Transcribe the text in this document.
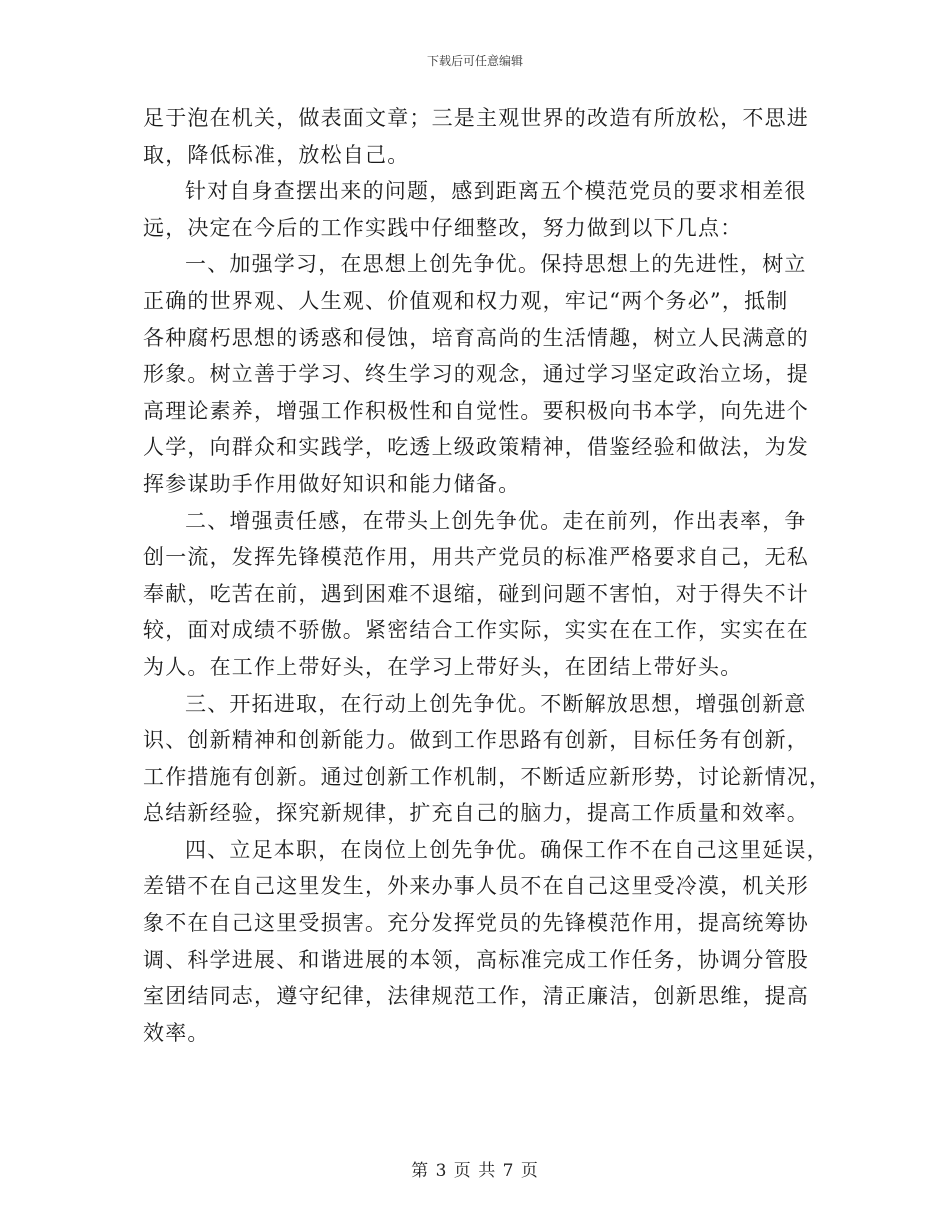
下载后可任意编辑
足于泡在机关，做表面文章；三是主观世界的改造有所放松，不思进
取，降低标准，放松自己。
针对自身查摆出来的问题，感到距离五个模范党员的要求相差很
远，决定在今后的工作实践中仔细整改，努力做到以下几点：
一、加强学习，在思想上创先争优。保持思想上的先进性，树立
正确的世界观、人生观、价值观和权力观，牢记“两个务必”，抵制
各种腐朽思想的诱惑和侵蚀，培育高尚的生活情趣，树立人民满意的
形象。树立善于学习、终生学习的观念，通过学习坚定政治立场，提
高理论素养，增强工作积极性和自觉性。要积极向书本学，向先进个
人学，向群众和实践学，吃透上级政策精神，借鉴经验和做法，为发
挥参谋助手作用做好知识和能力储备。
二、增强责任感，在带头上创先争优。走在前列，作出表率，争
创一流，发挥先锋模范作用，用共产党员的标准严格要求自己，无私
奉献，吃苦在前，遇到困难不退缩，碰到问题不害怕，对于得失不计
较，面对成绩不骄傲。紧密结合工作实际，实实在在工作，实实在在
为人。在工作上带好头，在学习上带好头，在团结上带好头。
三、开拓进取，在行动上创先争优。不断解放思想，增强创新意
识、创新精神和创新能力。做到工作思路有创新，目标任务有创新，
工作措施有创新。通过创新工作机制，不断适应新形势，讨论新情况，
总结新经验，探究新规律，扩充自己的脑力，提高工作质量和效率。
四、立足本职，在岗位上创先争优。确保工作不在自己这里延误，
差错不在自己这里发生，外来办事人员不在自己这里受冷漠，机关形
象不在自己这里受损害。充分发挥党员的先锋模范作用，提高统筹协
调、科学进展、和谐进展的本领，高标准完成工作任务，协调分管股
室团结同志，遵守纪律，法律规范工作，清正廉洁，创新思维，提高
效率。
第 3 页 共 7 页
